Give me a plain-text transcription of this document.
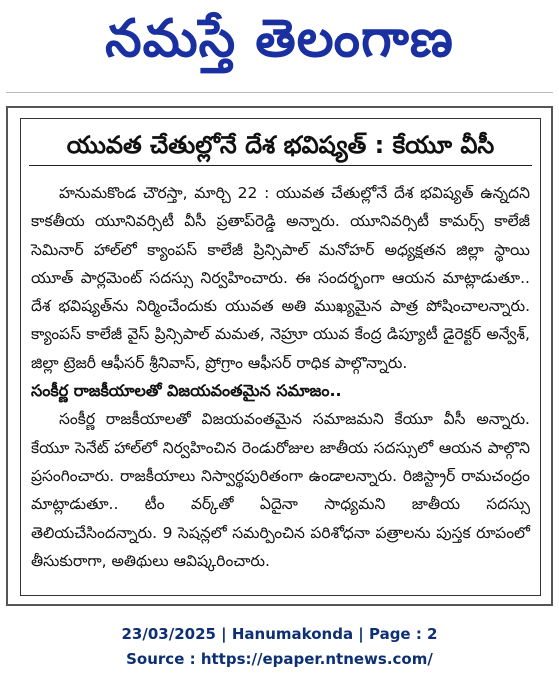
నమస్తే తెలంగాణ
యువత చేతుల్లోనే దేశ భవిష్యత్ : కేయూ వీసీ

హనుమకొండ చౌరస్తా, మార్చి 22 : యువత చేతుల్లోనే దేశ భవిష్యత్ ఉన్నదని కాకతీయ యూనివర్సిటీ వీసీ ప్రతాప్‌రెడ్డి అన్నారు. యూనివర్సిటీ కామర్స్ కాలేజీ సెమినార్ హాల్‌లో క్యాంపస్ కాలేజీ ప్రిన్సిపాల్ మనోహర్ అధ్యక్షతన జిల్లా స్థాయి యూత్ పార్లమెంట్ సదస్సు నిర్వహించారు. ఈ సందర్భంగా ఆయన మాట్లాడుతూ.. దేశ భవిష్యత్‌ను నిర్మించేందుకు యువత అతి ముఖ్యమైన పాత్ర పోషించాలన్నారు. క్యాంపస్ కాలేజీ వైస్ ప్రిన్సిపాల్ మమత, నెహ్రూ యువ కేంద్ర డిప్యూటీ డైరెక్టర్ అన్వేశ్, జిల్లా ట్రెజరీ ఆఫీసర్ శ్రీనివాస్, ప్రోగ్రాం ఆఫీసర్ రాధిక పాల్గొన్నారు.

సంకీర్ణ రాజకీయాలతో విజయవంతమైన సమాజం..

సంకీర్ణ రాజకీయాలతో విజయవంతమైన సమాజమని కేయూ వీసీ అన్నారు. కేయూ సెనేట్ హాల్‌లో నిర్వహించిన రెండురోజుల జాతీయ సదస్సులో ఆయన పాల్గొని ప్రసంగించారు. రాజకీయాలు నిస్వార్థపురితంగా ఉండాలన్నారు. రిజిస్ట్రార్ రామచంద్రం మాట్లాడుతూ.. టీం వర్క్‌తో ఏదైనా సాధ్యమని జాతీయ సదస్సు తెలియచేసిందన్నారు. 9 సెషన్లలో సమర్పించిన పరిశోధనా పత్రాలను పుస్తక రూపంలో తీసుకురాగా, అతిథులు ఆవిష్కరించారు.

23/03/2025 | Hanumakonda | Page : 2
Source : https://epaper.ntnews.com/
